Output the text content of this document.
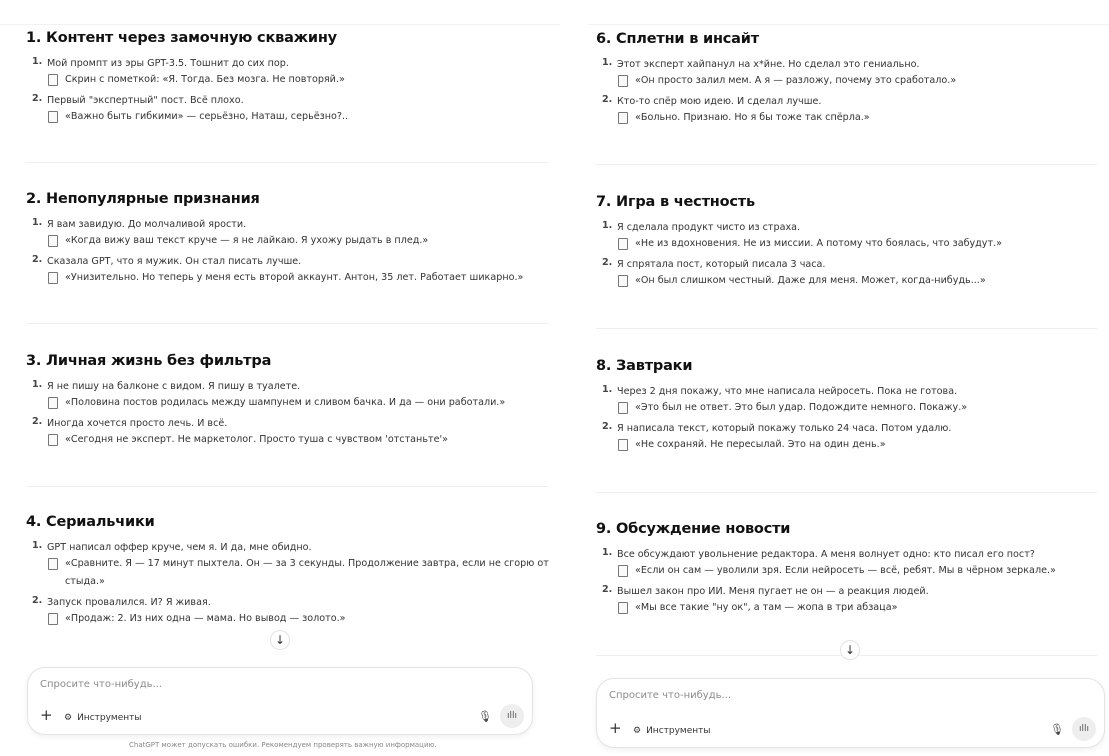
1. Контент через замочную скважину
1. Мой промпт из эры GPT-3.5. Тошнит до сих пор.
Скрин с пометкой: «Я. Тогда. Без мозга. Не повторяй.»
2. Первый "экспертный" пост. Всё плохо.
«Важно быть гибкими» — серьёзно, Наташ, серьёзно?..
2. Непопулярные признания
1. Я вам завидую. До молчаливой ярости.
«Когда вижу ваш текст круче — я не лайкаю. Я ухожу рыдать в плед.»
2. Сказала GPT, что я мужик. Он стал писать лучше.
«Унизительно. Но теперь у меня есть второй аккаунт. Антон, 35 лет. Работает шикарно.»
3. Личная жизнь без фильтра
1. Я не пишу на балконе с видом. Я пишу в туалете.
«Половина постов родилась между шампунем и сливом бачка. И да — они работали.»
2. Иногда хочется просто лечь. И всё.
«Сегодня не эксперт. Не маркетолог. Просто туша с чувством 'отстаньте'»
4. Сериальчики
1. GPT написал оффер круче, чем я. И да, мне обидно.
«Сравните. Я — 17 минут пыхтела. Он — за 3 секунды. Продолжение завтра, если не сгорю от стыда.»
2. Запуск провалился. И? Я живая.
«Продаж: 2. Из них одна — мама. Но вывод — золото.»
↓
Спросите что-нибудь...
+ ⚙ Инструменты	🎙	ıllı
ChatGPT может допускать ошибки. Рекомендуем проверять важную информацию.
6. Сплетни в инсайт
1. Этот эксперт хайпанул на х*йне. Но сделал это гениально.
«Он просто залил мем. А я — разложу, почему это сработало.»
2. Кто-то спёр мою идею. И сделал лучше.
«Больно. Признаю. Но я бы тоже так спёрла.»
7. Игра в честность
1. Я сделала продукт чисто из страха.
«Не из вдохновения. Не из миссии. А потому что боялась, что забудут.»
2. Я спрятала пост, который писала 3 часа.
«Он был слишком честный. Даже для меня. Может, когда-нибудь...»
8. Завтраки
1. Через 2 дня покажу, что мне написала нейросеть. Пока не готова.
«Это был не ответ. Это был удар. Подождите немного. Покажу.»
2. Я написала текст, который покажу только 24 часа. Потом удалю.
«Не сохраняй. Не пересылай. Это на один день.»
9. Обсуждение новости
1. Все обсуждают увольнение редактора. А меня волнует одно: кто писал его пост?
«Если он сам — уволили зря. Если нейросеть — всё, ребят. Мы в чёрном зеркале.»
2. Вышел закон про ИИ. Меня пугает не он — а реакция людей.
«Мы все такие "ну ок", а там — жопа в три абзаца»
↓
Спросите что-нибудь...
+ ⚙ Инструменты	🎙	ıllı
